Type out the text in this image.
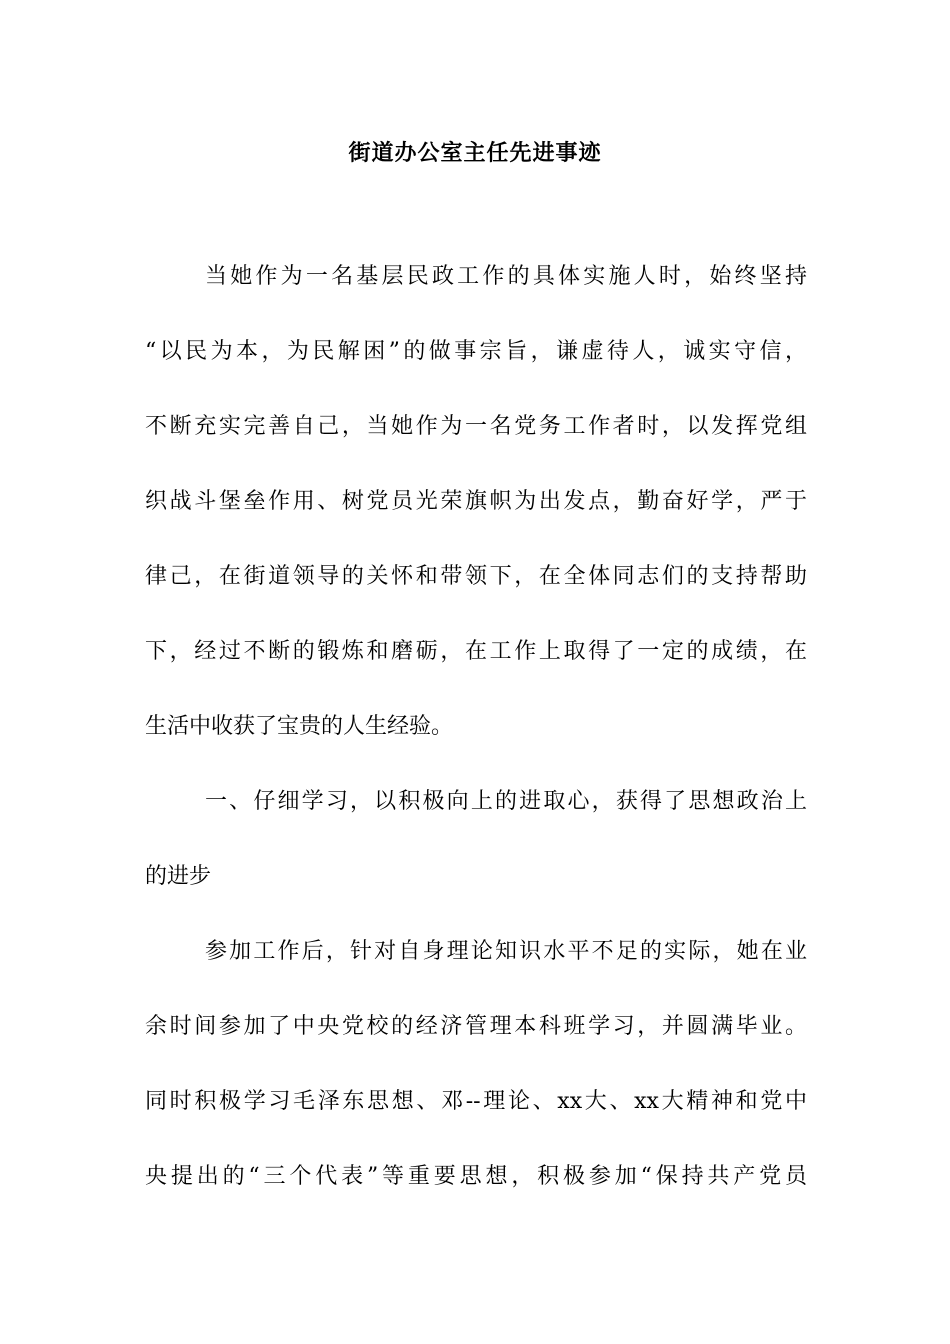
街道办公室主任先进事迹
当她作为一名基层民政工作的具体实施人时，始终坚持
“以民为本，为民解困”的做事宗旨，谦虚待人，诚实守信，
不断充实完善自己，当她作为一名党务工作者时，以发挥党组
织战斗堡垒作用、树党员光荣旗帜为出发点，勤奋好学，严于
律己，在街道领导的关怀和带领下，在全体同志们的支持帮助
下，经过不断的锻炼和磨砺，在工作上取得了一定的成绩，在
生活中收获了宝贵的人生经验。
一、仔细学习，以积极向上的进取心，获得了思想政治上
的进步
参加工作后，针对自身理论知识水平不足的实际，她在业
余时间参加了中央党校的经济管理本科班学习，并圆满毕业。
同时积极学习毛泽东思想、邓--理论、xx大、xx大精神和党中
央提出的“三个代表”等重要思想，积极参加“保持共产党员
